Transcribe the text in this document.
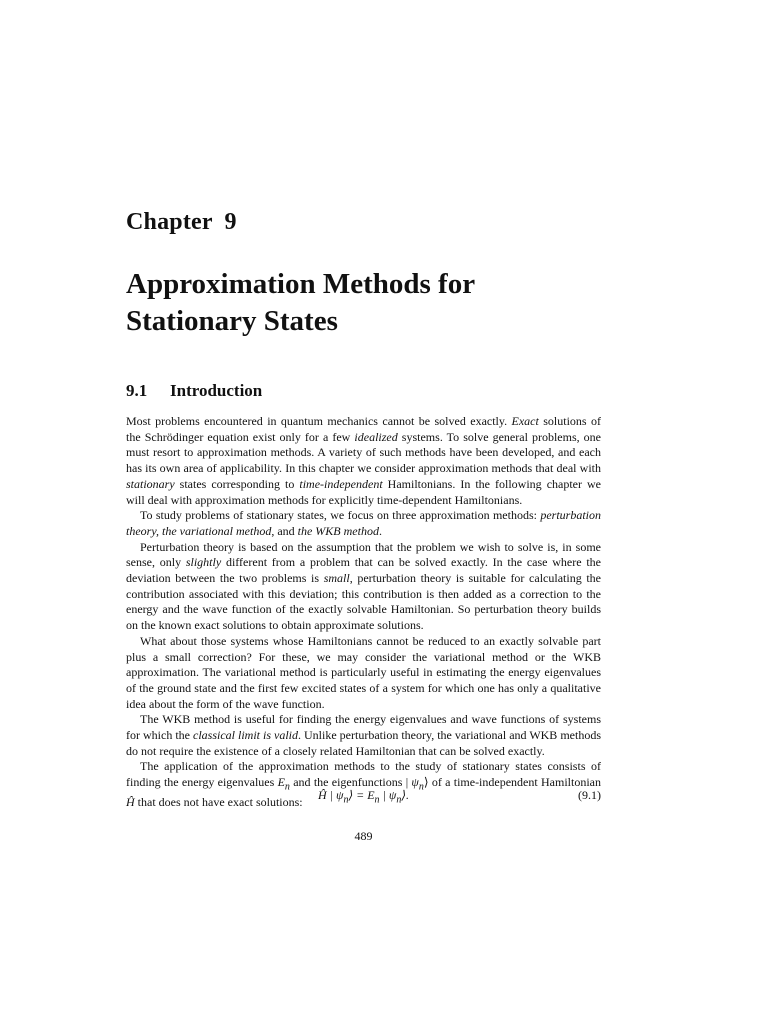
Chapter 9
Approximation Methods for
Stationary States
9.1 Introduction

Most problems encountered in quantum mechanics cannot be solved exactly. Exact solutions of the Schrödinger equation exist only for a few idealized systems. To solve general problems, one must resort to approximation methods. A variety of such methods have been developed, and each has its own area of applicability. In this chapter we consider approximation methods that deal with stationary states corresponding to time-independent Hamiltonians. In the following chapter we will deal with approximation methods for explicitly time-dependent Hamiltonians.

To study problems of stationary states, we focus on three approximation methods: perturbation theory, the variational method, and the WKB method.

Perturbation theory is based on the assumption that the problem we wish to solve is, in some sense, only slightly different from a problem that can be solved exactly. In the case where the deviation between the two problems is small, perturbation theory is suitable for calculating the contribution associated with this deviation; this contribution is then added as a correction to the energy and the wave function of the exactly solvable Hamiltonian. So perturbation theory builds on the known exact solutions to obtain approximate solutions.

What about those systems whose Hamiltonians cannot be reduced to an exactly solvable part plus a small correction? For these, we may consider the variational method or the WKB approximation. The variational method is particularly useful in estimating the energy eigenvalues of the ground state and the first few excited states of a system for which one has only a qualitative idea about the form of the wave function.

The WKB method is useful for finding the energy eigenvalues and wave functions of systems for which the classical limit is valid. Unlike perturbation theory, the variational and WKB methods do not require the existence of a closely related Hamiltonian that can be solved exactly.

The application of the approximation methods to the study of stationary states consists of finding the energy eigenvalues $E_n$ and the eigenfunctions | $\psi_n⟩$ of a time-independent Hamiltonian Ĥ that does not have exact solutions:

Ĥ | $\psi_n⟩ = E_n$ | $\psi_n⟩$.	(9.1)
489
